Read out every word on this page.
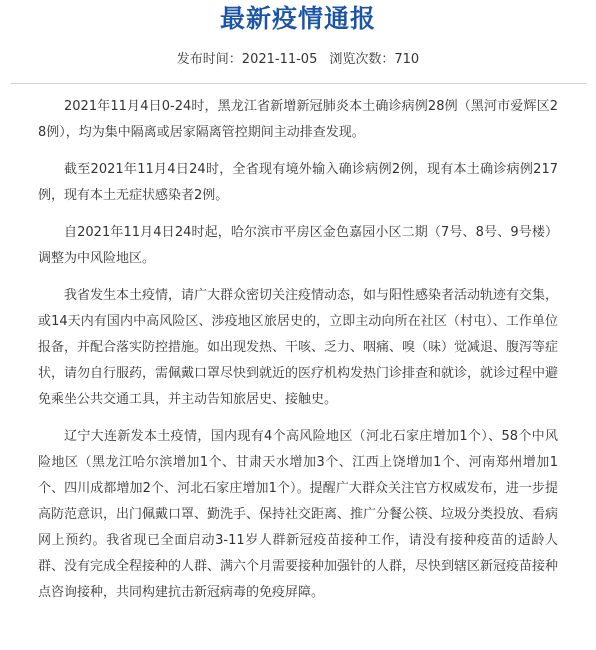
最新疫情通报
发布时间：2021-11-05 浏览次数：710

2021年11月4日0-24时，黑龙江省新增新冠肺炎本土确诊病例28例（黑河市爱辉区28例），均为集中隔离或居家隔离管控期间主动排查发现。

截至2021年11月4日24时，全省现有境外输入确诊病例2例，现有本土确诊病例217例，现有本土无症状感染者2例。

自2021年11月4日24时起，哈尔滨市平房区金色嘉园小区二期（7号、8号、9号楼）调整为中风险地区。

我省发生本土疫情，请广大群众密切关注疫情动态，如与阳性感染者活动轨迹有交集，或14天内有国内中高风险区、涉疫地区旅居史的，立即主动向所在社区（村屯）、工作单位报备，并配合落实防控措施。如出现发热、干咳、乏力、咽痛、嗅（味）觉减退、腹泻等症状，请勿自行服药，需佩戴口罩尽快到就近的医疗机构发热门诊排查和就诊，就诊过程中避免乘坐公共交通工具，并主动告知旅居史、接触史。

辽宁大连新发本土疫情，国内现有4个高风险地区（河北石家庄增加1个）、58个中风险地区（黑龙江哈尔滨增加1个、甘肃天水增加3个、江西上饶增加1个、河南郑州增加1个、四川成都增加2个、河北石家庄增加1个）。提醒广大群众关注官方权威发布，进一步提高防范意识，出门佩戴口罩、勤洗手、保持社交距离、推广分餐公筷、垃圾分类投放、看病网上预约。我省现已全面启动3-11岁人群新冠疫苗接种工作，请没有接种疫苗的适龄人群、没有完成全程接种的人群、满六个月需要接种加强针的人群，尽快到辖区新冠疫苗接种点咨询接种，共同构建抗击新冠病毒的免疫屏障。
